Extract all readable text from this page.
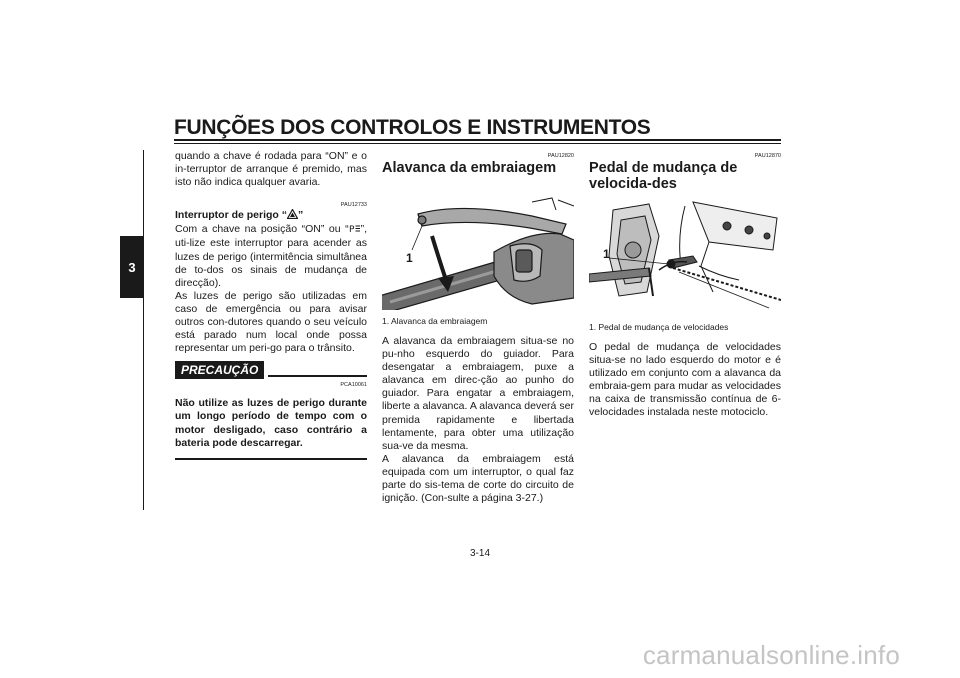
FUNÇÕES DOS CONTROLOS E INSTRUMENTOS
3

quando a chave é rodada para “ON” e o in-terruptor de arranque é premido, mas isto não indica qualquer avaria.

PAU12733

Interruptor de perigo “ ”

Com a chave na posição “ON” ou “ P ”, uti-lize este interruptor para acender as luzes de perigo (intermitência simultânea de to-dos os sinais de mudança de direcção).

As luzes de perigo são utilizadas em caso de emergência ou para avisar outros con-dutores quando o seu veículo está parado num local onde possa representar um peri-go para o trânsito.

PRECAUÇÃO
PCA10061

Não utilize as luzes de perigo durante um longo período de tempo com o motor desligado, caso contrário a bateria pode descarregar.

PAU12820
Alavanca da embraiagem
1
1. Alavanca da embraiagem

A alavanca da embraiagem situa-se no pu-nho esquerdo do guiador. Para desengatar a embraiagem, puxe a alavanca em direc-ção ao punho do guiador. Para engatar a embraiagem, liberte a alavanca. A alavanca deverá ser premida rapidamente e libertada lentamente, para obter uma utilização sua-ve da mesma.

A alavanca da embraiagem está equipada com um interruptor, o qual faz parte do sis-tema de corte do circuito de ignição. (Con-sulte a página 3-27.)

PAU12870
Pedal de mudança de velocida-des
1
1. Pedal de mudança de velocidades

O pedal de mudança de velocidades situa-se no lado esquerdo do motor e é utilizado em conjunto com a alavanca da embraia-gem para mudar as velocidades na caixa de transmissão contínua de 6-velocidades instalada neste motociclo.

3-14
carmanualsonline.info
